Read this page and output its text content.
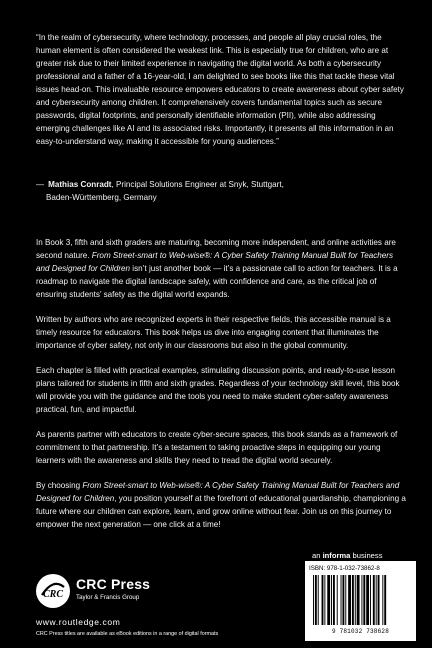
“In the realm of cybersecurity, where technology, processes, and people all play crucial roles, the human element is often considered the weakest link. This is especially true for children, who are at greater risk due to their limited experience in navigating the digital world. As both a cybersecurity professional and a father of a 16-year-old, I am delighted to see books like this that tackle these vital issues head-on. This invaluable resource empowers educators to create awareness about cyber safety and cybersecurity among children. It comprehensively covers fundamental topics such as secure passwords, digital footprints, and personally identifiable information (PII), while also addressing emerging challenges like AI and its associated risks. Importantly, it presents all this information in an easy-to-understand way, making it accessible for young audiences.”
— Mathias Conradt, Principal Solutions Engineer at Snyk, Stuttgart,
Baden-Württemberg, Germany

In Book 3, fifth and sixth graders are maturing, becoming more independent, and online activities are second nature. From Street-smart to Web-wise®: A Cyber Safety Training Manual Built for Teachers and Designed for Children isn’t just another book — it’s a passionate call to action for teachers. It is a roadmap to navigate the digital landscape safely, with confidence and care, as the critical job of ensuring students’ safety as the digital world expands.

Written by authors who are recognized experts in their respective fields, this accessible manual is a timely resource for educators. This book helps us dive into engaging content that illuminates the importance of cyber safety, not only in our classrooms but also in the global community.

Each chapter is filled with practical examples, stimulating discussion points, and ready-to-use lesson plans tailored for students in fifth and sixth grades. Regardless of your technology skill level, this book will provide you with the guidance and the tools you need to make student cyber-safety awareness practical, fun, and impactful.

As parents partner with educators to create cyber-secure spaces, this book stands as a framework of commitment to that partnership. It’s a testament to taking proactive steps in equipping our young learners with the awareness and skills they need to tread the digital world securely.

By choosing From Street-smart to Web-wise®: A Cyber Safety Training Manual Built for Teachers and Designed for Children, you position yourself at the forefront of educational guardianship, championing a future where our children can explore, learn, and grow online without fear. Join us on this journey to empower the next generation — one click at a time!

an informa business
CRC
CRC Press
Taylor & Francis Group
www.routledge.com
CRC Press titles are available as eBook editions in a range of digital formats
ISBN: 978-1-032-73862-8
9 781032 738628
